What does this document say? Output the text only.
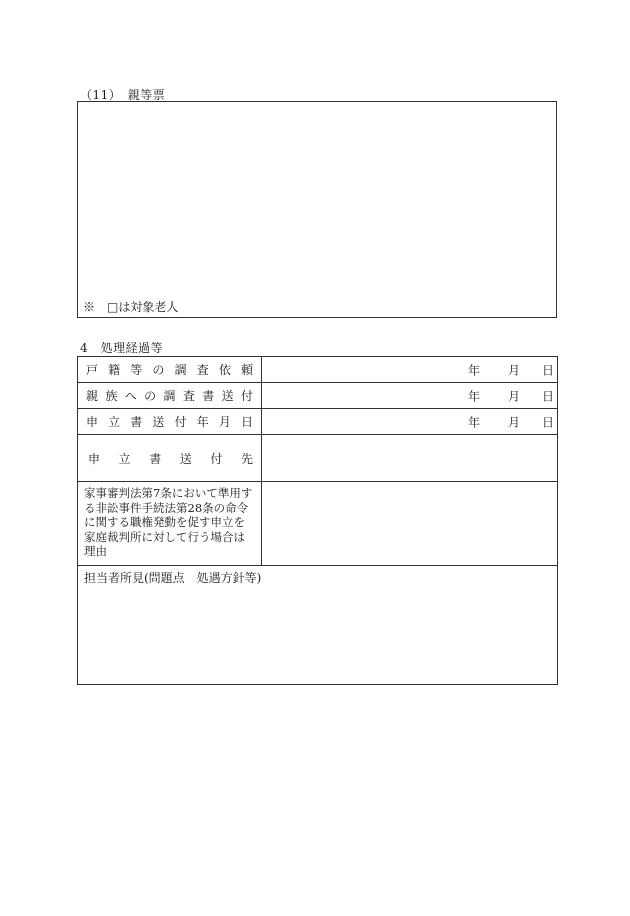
（11）　親等票
※　□は対象老人
4　処理経過等
戸籍等の調査依頼	年 月 日

親族への調査書送付	年 月 日

申立書送付年月日	年 月 日

申立書送付先	
家事審判法第7条において準用する非訟事件手続法第28条の命令に関する職権発動を促す申立を家庭裁判所に対して行う場合は理由	
担当者所見(問題点　処遇方針等)	
